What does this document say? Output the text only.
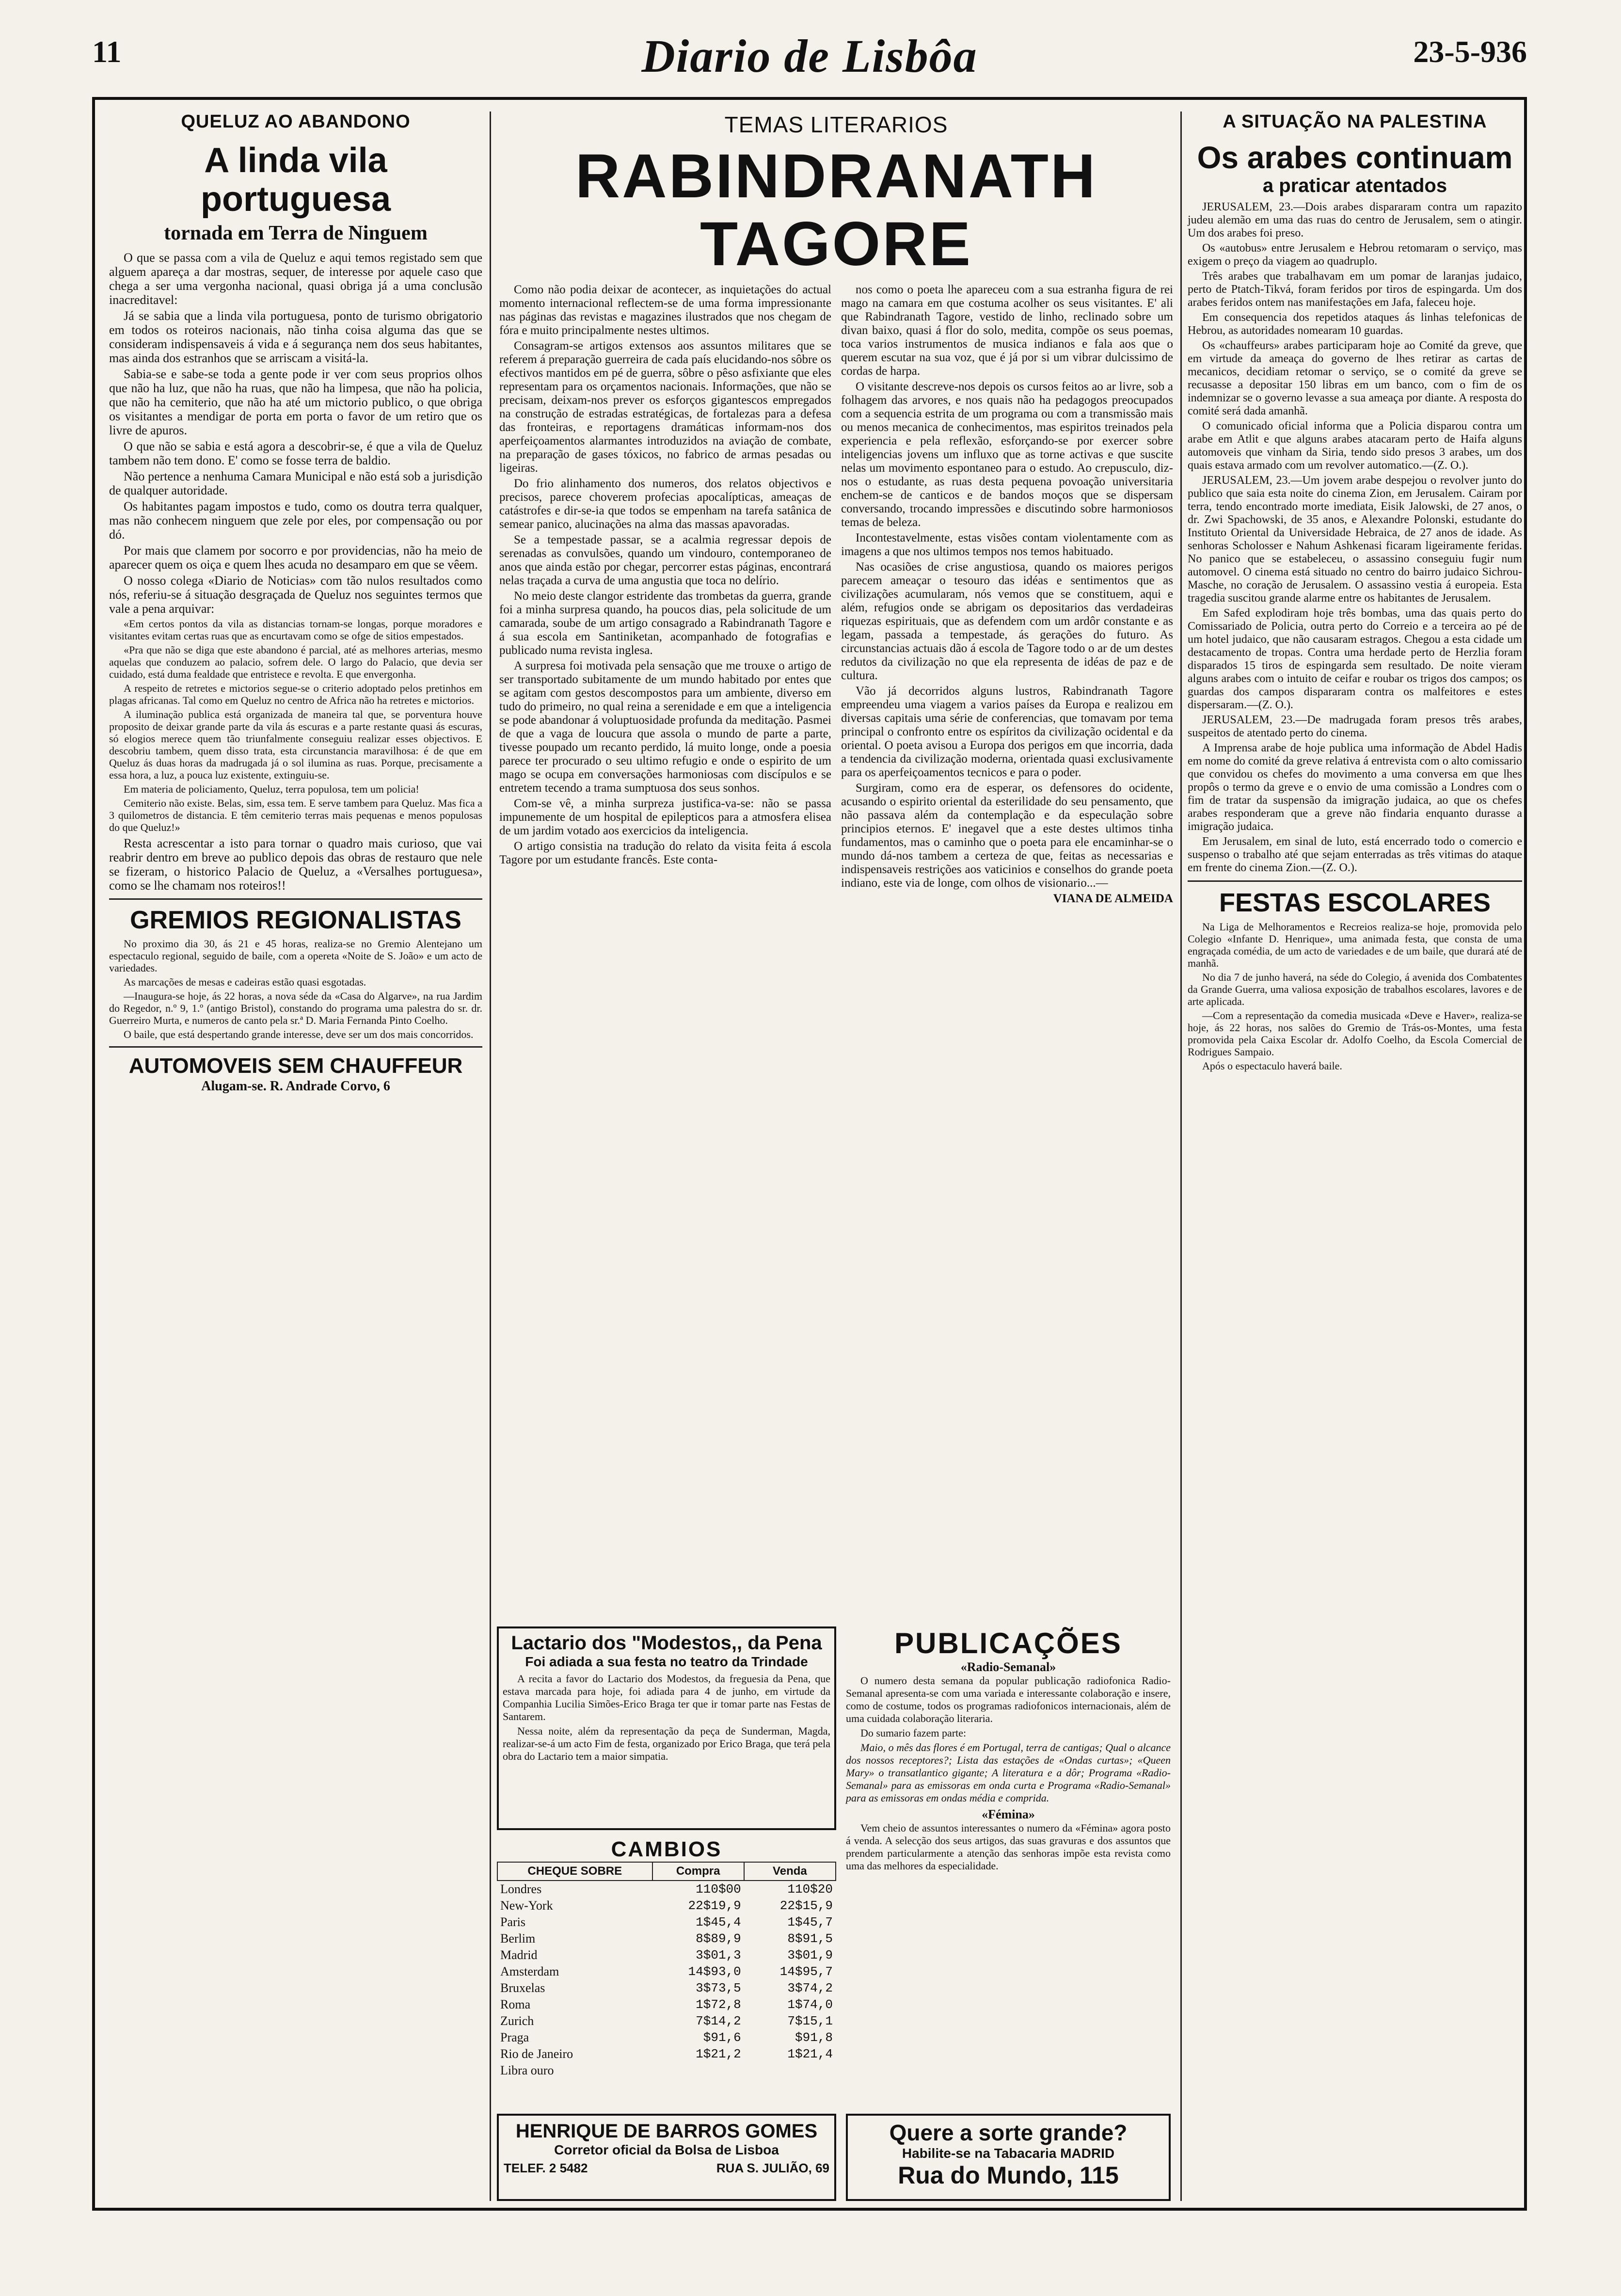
11	Diario de Lisbôa	23-5-936
QUELUZ AO ABANDONO
A linda vila portuguesa
tornada em Terra de Ninguem

O que se passa com a vila de Queluz e aqui temos registado sem que alguem apareça a dar mostras, sequer, de interesse por aquele caso que chega a ser uma vergonha nacional, quasi obriga já a uma conclusão inacreditavel:

Já se sabia que a linda vila portuguesa, ponto de turismo obrigatorio em todos os roteiros nacionais, não tinha coisa alguma das que se consideram indispensaveis á vida e á segurança nem dos seus habitantes, mas ainda dos estranhos que se arriscam a visitá-la.

Sabia-se e sabe-se toda a gente pode ir ver com seus proprios olhos que não ha luz, que não ha ruas, que não ha limpesa, que não ha policia, que não ha cemiterio, que não ha até um mictorio publico, o que obriga os visitantes a mendigar de porta em porta o favor de um retiro que os livre de apuros.

O que não se sabia e está agora a descobrir-se, é que a vila de Queluz tambem não tem dono. E' como se fosse terra de baldio.

Não pertence a nenhuma Camara Municipal e não está sob a jurisdição de qualquer autoridade.

Os habitantes pagam impostos e tudo, como os doutra terra qualquer, mas não conhecem ninguem que zele por eles, por compensação ou por dó.

Por mais que clamem por socorro e por providencias, não ha meio de aparecer quem os oiça e quem lhes acuda no desamparo em que se vêem.

O nosso colega «Diario de Noticias» com tão nulos resultados como nós, referiu-se á situação desgraçada de Queluz nos seguintes termos que vale a pena arquivar:

«Em certos pontos da vila as distancias tornam-se longas, porque moradores e visitantes evitam certas ruas que as encurtavam como se ofge de sitios empestados.

«Pra que não se diga que este abandono é parcial, até as melhores arterias, mesmo aquelas que conduzem ao palacio, sofrem dele. O largo do Palacio, que devia ser cuidado, está duma fealdade que entristece e revolta. E que envergonha.

A respeito de retretes e mictorios segue-se o criterio adoptado pelos pretinhos em plagas africanas. Tal como em Queluz no centro de Africa não ha retretes e mictorios.

A iluminação publica está organizada de maneira tal que, se porventura houve proposito de deixar grande parte da vila ás escuras e a parte restante quasi ás escuras, só elogios merece quem tão triunfalmente conseguiu realizar esses objectivos. E descobriu tambem, quem disso trata, esta circunstancia maravilhosa: é de que em Queluz ás duas horas da madrugada já o sol ilumina as ruas. Porque, precisamente a essa hora, a luz, a pouca luz existente, extinguiu-se.

Em materia de policiamento, Queluz, terra populosa, tem um policia!

Cemiterio não existe. Belas, sim, essa tem. E serve tambem para Queluz. Mas fica a 3 quilometros de distancia. E têm cemiterio terras mais pequenas e menos populosas do que Queluz!»

Resta acrescentar a isto para tornar o quadro mais curioso, que vai reabrir dentro em breve ao publico depois das obras de restauro que nele se fizeram, o historico Palacio de Queluz, a «Versalhes portuguesa», como se lhe chamam nos roteiros!!

GREMIOS REGIONALISTAS

No proximo dia 30, ás 21 e 45 horas, realiza-se no Gremio Alentejano um espectaculo regional, seguido de baile, com a opereta «Noite de S. João» e um acto de variedades.

As marcações de mesas e cadeiras estão quasi esgotadas.

—Inaugura-se hoje, ás 22 horas, a nova séde da «Casa do Algarve», na rua Jardim do Regedor, n.º 9, 1.º (antigo Bristol), constando do programa uma palestra do sr. dr. Guerreiro Murta, e numeros de canto pela sr.ª D. Maria Fernanda Pinto Coelho.

O baile, que está despertando grande interesse, deve ser um dos mais concorridos.

AUTOMOVEIS SEM CHAUFFEUR
Alugam-se. R. Andrade Corvo, 6
TEMAS LITERARIOS
RABINDRANATH TAGORE

Como não podia deixar de acontecer, as inquietações do actual momento internacional reflectem-se de uma forma impressionante nas páginas das revistas e magazines ilustrados que nos chegam de fóra e muito principalmente nestes ultimos.

Consagram-se artigos extensos aos assuntos militares que se referem á preparação guerreira de cada país elucidando-nos sôbre os efectivos mantidos em pé de guerra, sôbre o pêso asfixiante que eles representam para os orçamentos nacionais. Informações, que não se precisam, deixam-nos prever os esforços gigantescos empregados na construção de estradas estratégicas, de fortalezas para a defesa das fronteiras, e reportagens dramáticas informam-nos dos aperfeiçoamentos alarmantes introduzidos na aviação de combate, na preparação de gases tóxicos, no fabrico de armas pesadas ou ligeiras.

Do frio alinhamento dos numeros, dos relatos objectivos e precisos, parece choverem profecias apocalípticas, ameaças de catástrofes e dir-se-ia que todos se empenham na tarefa satânica de semear panico, alucinações na alma das massas apavoradas.

Se a tempestade passar, se a acalmia regressar depois de serenadas as convulsões, quando um vindouro, contemporaneo de anos que ainda estão por chegar, percorrer estas páginas, encontrará nelas traçada a curva de uma angustia que toca no delírio.

No meio deste clangor estridente das trombetas da guerra, grande foi a minha surpresa quando, ha poucos dias, pela solicitude de um camarada, soube de um artigo consagrado a Rabindranath Tagore e á sua escola em Santiniketan, acompanhado de fotografias e publicado numa revista inglesa.

A surpresa foi motivada pela sensação que me trouxe o artigo de ser transportado subitamente de um mundo habitado por entes que se agitam com gestos descompostos para um ambiente, diverso em tudo do primeiro, no qual reina a serenidade e em que a inteligencia se pode abandonar á voluptuosidade profunda da meditação. Pasmei de que a vaga de loucura que assola o mundo de parte a parte, tivesse poupado um recanto perdido, lá muito longe, onde a poesia parece ter procurado o seu ultimo refugio e onde o espirito de um mago se ocupa em conversações harmoniosas com discípulos e se entretem tecendo a trama sumptuosa dos seus sonhos.

Com-se vê, a minha surpreza justifica-va-se: não se passa impunemente de um hospital de epilepticos para a atmosfera elisea de um jardim votado aos exercicios da inteligencia.

O artigo consistia na tradução do relato da visita feita á escola Tagore por um estudante francês. Este conta-

nos como o poeta lhe apareceu com a sua estranha figura de rei mago na camara em que costuma acolher os seus visitantes. E' ali que Rabindranath Tagore, vestido de linho, reclinado sobre um divan baixo, quasi á flor do solo, medita, compõe os seus poemas, toca varios instrumentos de musica indianos e fala aos que o querem escutar na sua voz, que é já por si um vibrar dulcissimo de cordas de harpa.

O visitante descreve-nos depois os cursos feitos ao ar livre, sob a folhagem das arvores, e nos quais não ha pedagogos preocupados com a sequencia estrita de um programa ou com a transmissão mais ou menos mecanica de conhecimentos, mas espiritos treinados pela experiencia e pela reflexão, esforçando-se por exercer sobre inteligencias jovens um influxo que as torne activas e que suscite nelas um movimento espontaneo para o estudo. Ao crepusculo, diz-nos o estudante, as ruas desta pequena povoação universitaria enchem-se de canticos e de bandos moços que se dispersam conversando, trocando impressões e discutindo sobre harmoniosos temas de beleza.

Incontestavelmente, estas visões contam violentamente com as imagens a que nos ultimos tempos nos temos habituado.

Nas ocasiões de crise angustiosa, quando os maiores perigos parecem ameaçar o tesouro das idéas e sentimentos que as civilizações acumularam, nós vemos que se constituem, aqui e além, refugios onde se abrigam os depositarios das verdadeiras riquezas espirituais, que as defendem com um ardôr constante e as legam, passada a tempestade, ás gerações do futuro. As circunstancias actuais dão á escola de Tagore todo o ar de um destes redutos da civilização no que ela representa de idéas de paz e de cultura.

Vão já decorridos alguns lustros, Rabindranath Tagore empreendeu uma viagem a varios países da Europa e realizou em diversas capitais uma série de conferencias, que tomavam por tema principal o confronto entre os espíritos da civilização ocidental e da oriental. O poeta avisou a Europa dos perigos em que incorria, dada a tendencia da civilização moderna, orientada quasi exclusivamente para os aperfeiçoamentos tecnicos e para o poder.

Surgiram, como era de esperar, os defensores do ocidente, acusando o espirito oriental da esterilidade do seu pensamento, que não passava além da contemplação e da especulação sobre principios eternos. E' inegavel que a este destes ultimos tinha fundamentos, mas o caminho que o poeta para ele encaminhar-se o mundo dá-nos tambem a certeza de que, feitas as necessarias e indispensaveis restrições aos vaticinios e conselhos do grande poeta indiano, este via de longe, com olhos de visionario...—

VIANA DE ALMEIDA

Lactario dos "Modestos,, da Pena
Foi adiada a sua festa no teatro da Trindade

A recita a favor do Lactario dos Modestos, da freguesia da Pena, que estava marcada para hoje, foi adiada para 4 de junho, em virtude da Companhia Lucilia Simões-Erico Braga ter que ir tomar parte nas Festas de Santarem.

Nessa noite, além da representação da peça de Sunderman, Magda, realizar-se-á um acto Fim de festa, organizado por Erico Braga, que terá pela obra do Lactario tem a maior simpatia.

CAMBIOS
CHEQUE SOBRE	Compra	Venda
Londres	110$00	110$20
New-York	22$19,9	22$15,9
Paris	1$45,4	1$45,7
Berlim	8$89,9	8$91,5
Madrid	3$01,3	3$01,9
Amsterdam	14$93,0	14$95,7
Bruxelas	3$73,5	3$74,2
Roma	1$72,8	1$74,0
Zurich	7$14,2	7$15,1
Praga	$91,6	$91,8
Rio de Janeiro	1$21,2	1$21,4
Libra ouro		
HENRIQUE DE BARROS GOMES
Corretor oficial da Bolsa de Lisboa
TELEF. 2 5482	RUA S. JULIÃO, 69
PUBLICAÇÕES
«Radio-Semanal»

O numero desta semana da popular publicação radiofonica Radio-Semanal apresenta-se com uma variada e interessante colaboração e insere, como de costume, todos os programas radiofonicos internacionais, além de uma cuidada colaboração literaria.

Do sumario fazem parte:

Maio, o mês das flores é em Portugal, terra de cantigas; Qual o alcance dos nossos receptores?; Lista das estações de «Ondas curtas»; «Queen Mary» o transatlantico gigante; A literatura e a dôr; Programa «Radio-Semanal» para as emissoras em onda curta e Programa «Radio-Semanal» para as emissoras em ondas média e comprida.

«Fémina»

Vem cheio de assuntos interessantes o numero da «Fémina» agora posto á venda. A selecção dos seus artigos, das suas gravuras e dos assuntos que prendem particularmente a atenção das senhoras impõe esta revista como uma das melhores da especialidade.

Quere a sorte grande?
Habilite-se na Tabacaria MADRID
Rua do Mundo, 115
A SITUAÇÃO NA PALESTINA
Os arabes continuam
a praticar atentados

JERUSALEM, 23.—Dois arabes dispararam contra um rapazito judeu alemão em uma das ruas do centro de Jerusalem, sem o atingir. Um dos arabes foi preso.

Os «autobus» entre Jerusalem e Hebrou retomaram o serviço, mas exigem o preço da viagem ao quadruplo.

Três arabes que trabalhavam em um pomar de laranjas judaico, perto de Ptatch-Tikvá, foram feridos por tiros de espingarda. Um dos arabes feridos ontem nas manifestações em Jafa, faleceu hoje.

Em consequencia dos repetidos ataques ás linhas telefonicas de Hebrou, as autoridades nomearam 10 guardas.

Os «chauffeurs» arabes participaram hoje ao Comité da greve, que em virtude da ameaça do governo de lhes retirar as cartas de mecanicos, decidiam retomar o serviço, se o comité da greve se recusasse a depositar 150 libras em um banco, com o fim de os indemnizar se o governo levasse a sua ameaça por diante. A resposta do comité será dada amanhã.

O comunicado oficial informa que a Policia disparou contra um arabe em Atlit e que alguns arabes atacaram perto de Haifa alguns automoveis que vinham da Siria, tendo sido presos 3 arabes, um dos quais estava armado com um revolver automatico.—(Z. O.).

JERUSALEM, 23.—Um jovem arabe despejou o revolver junto do publico que saia esta noite do cinema Zion, em Jerusalem. Cairam por terra, tendo encontrado morte imediata, Eisik Jalowski, de 27 anos, o dr. Zwi Spachowski, de 35 anos, e Alexandre Polonski, estudante do Instituto Oriental da Universidade Hebraica, de 27 anos de idade. As senhoras Scholosser e Nahum Ashkenasi ficaram ligeiramente feridas. No panico que se estabeleceu, o assassino conseguiu fugir num automovel. O cinema está situado no centro do bairro judaico Sichrou-Masche, no coração de Jerusalem. O assassino vestia á europeia. Esta tragedia suscitou grande alarme entre os habitantes de Jerusalem.

Em Safed explodiram hoje três bombas, uma das quais perto do Comissariado de Policia, outra perto do Correio e a terceira ao pé de um hotel judaico, que não causaram estragos. Chegou a esta cidade um destacamento de tropas. Contra uma herdade perto de Herzlia foram disparados 15 tiros de espingarda sem resultado. De noite vieram alguns arabes com o intuito de ceifar e roubar os trigos dos campos; os guardas dos campos dispararam contra os malfeitores e estes dispersaram.—(Z. O.).

JERUSALEM, 23.—De madrugada foram presos três arabes, suspeitos de atentado perto do cinema.

A Imprensa arabe de hoje publica uma informação de Abdel Hadis em nome do comité da greve relativa á entrevista com o alto comissario que convidou os chefes do movimento a uma conversa em que lhes propôs o termo da greve e o envio de uma comissão a Londres com o fim de tratar da suspensão da imigração judaica, ao que os chefes arabes responderam que a greve não findaria enquanto durasse a imigração judaica.

Em Jerusalem, em sinal de luto, está encerrado todo o comercio e suspenso o trabalho até que sejam enterradas as três vitimas do ataque em frente do cinema Zion.—(Z. O.).

FESTAS ESCOLARES

Na Liga de Melhoramentos e Recreios realiza-se hoje, promovida pelo Colegio «Infante D. Henrique», uma animada festa, que consta de uma engraçada comédia, de um acto de variedades e de um baile, que durará até de manhã.

No dia 7 de junho haverá, na séde do Colegio, á avenida dos Combatentes da Grande Guerra, uma valiosa exposição de trabalhos escolares, lavores e de arte aplicada.

—Com a representação da comedia musicada «Deve e Haver», realiza-se hoje, ás 22 horas, nos salões do Gremio de Trás-os-Montes, uma festa promovida pela Caixa Escolar dr. Adolfo Coelho, da Escola Comercial de Rodrigues Sampaio.

Após o espectaculo haverá baile.
